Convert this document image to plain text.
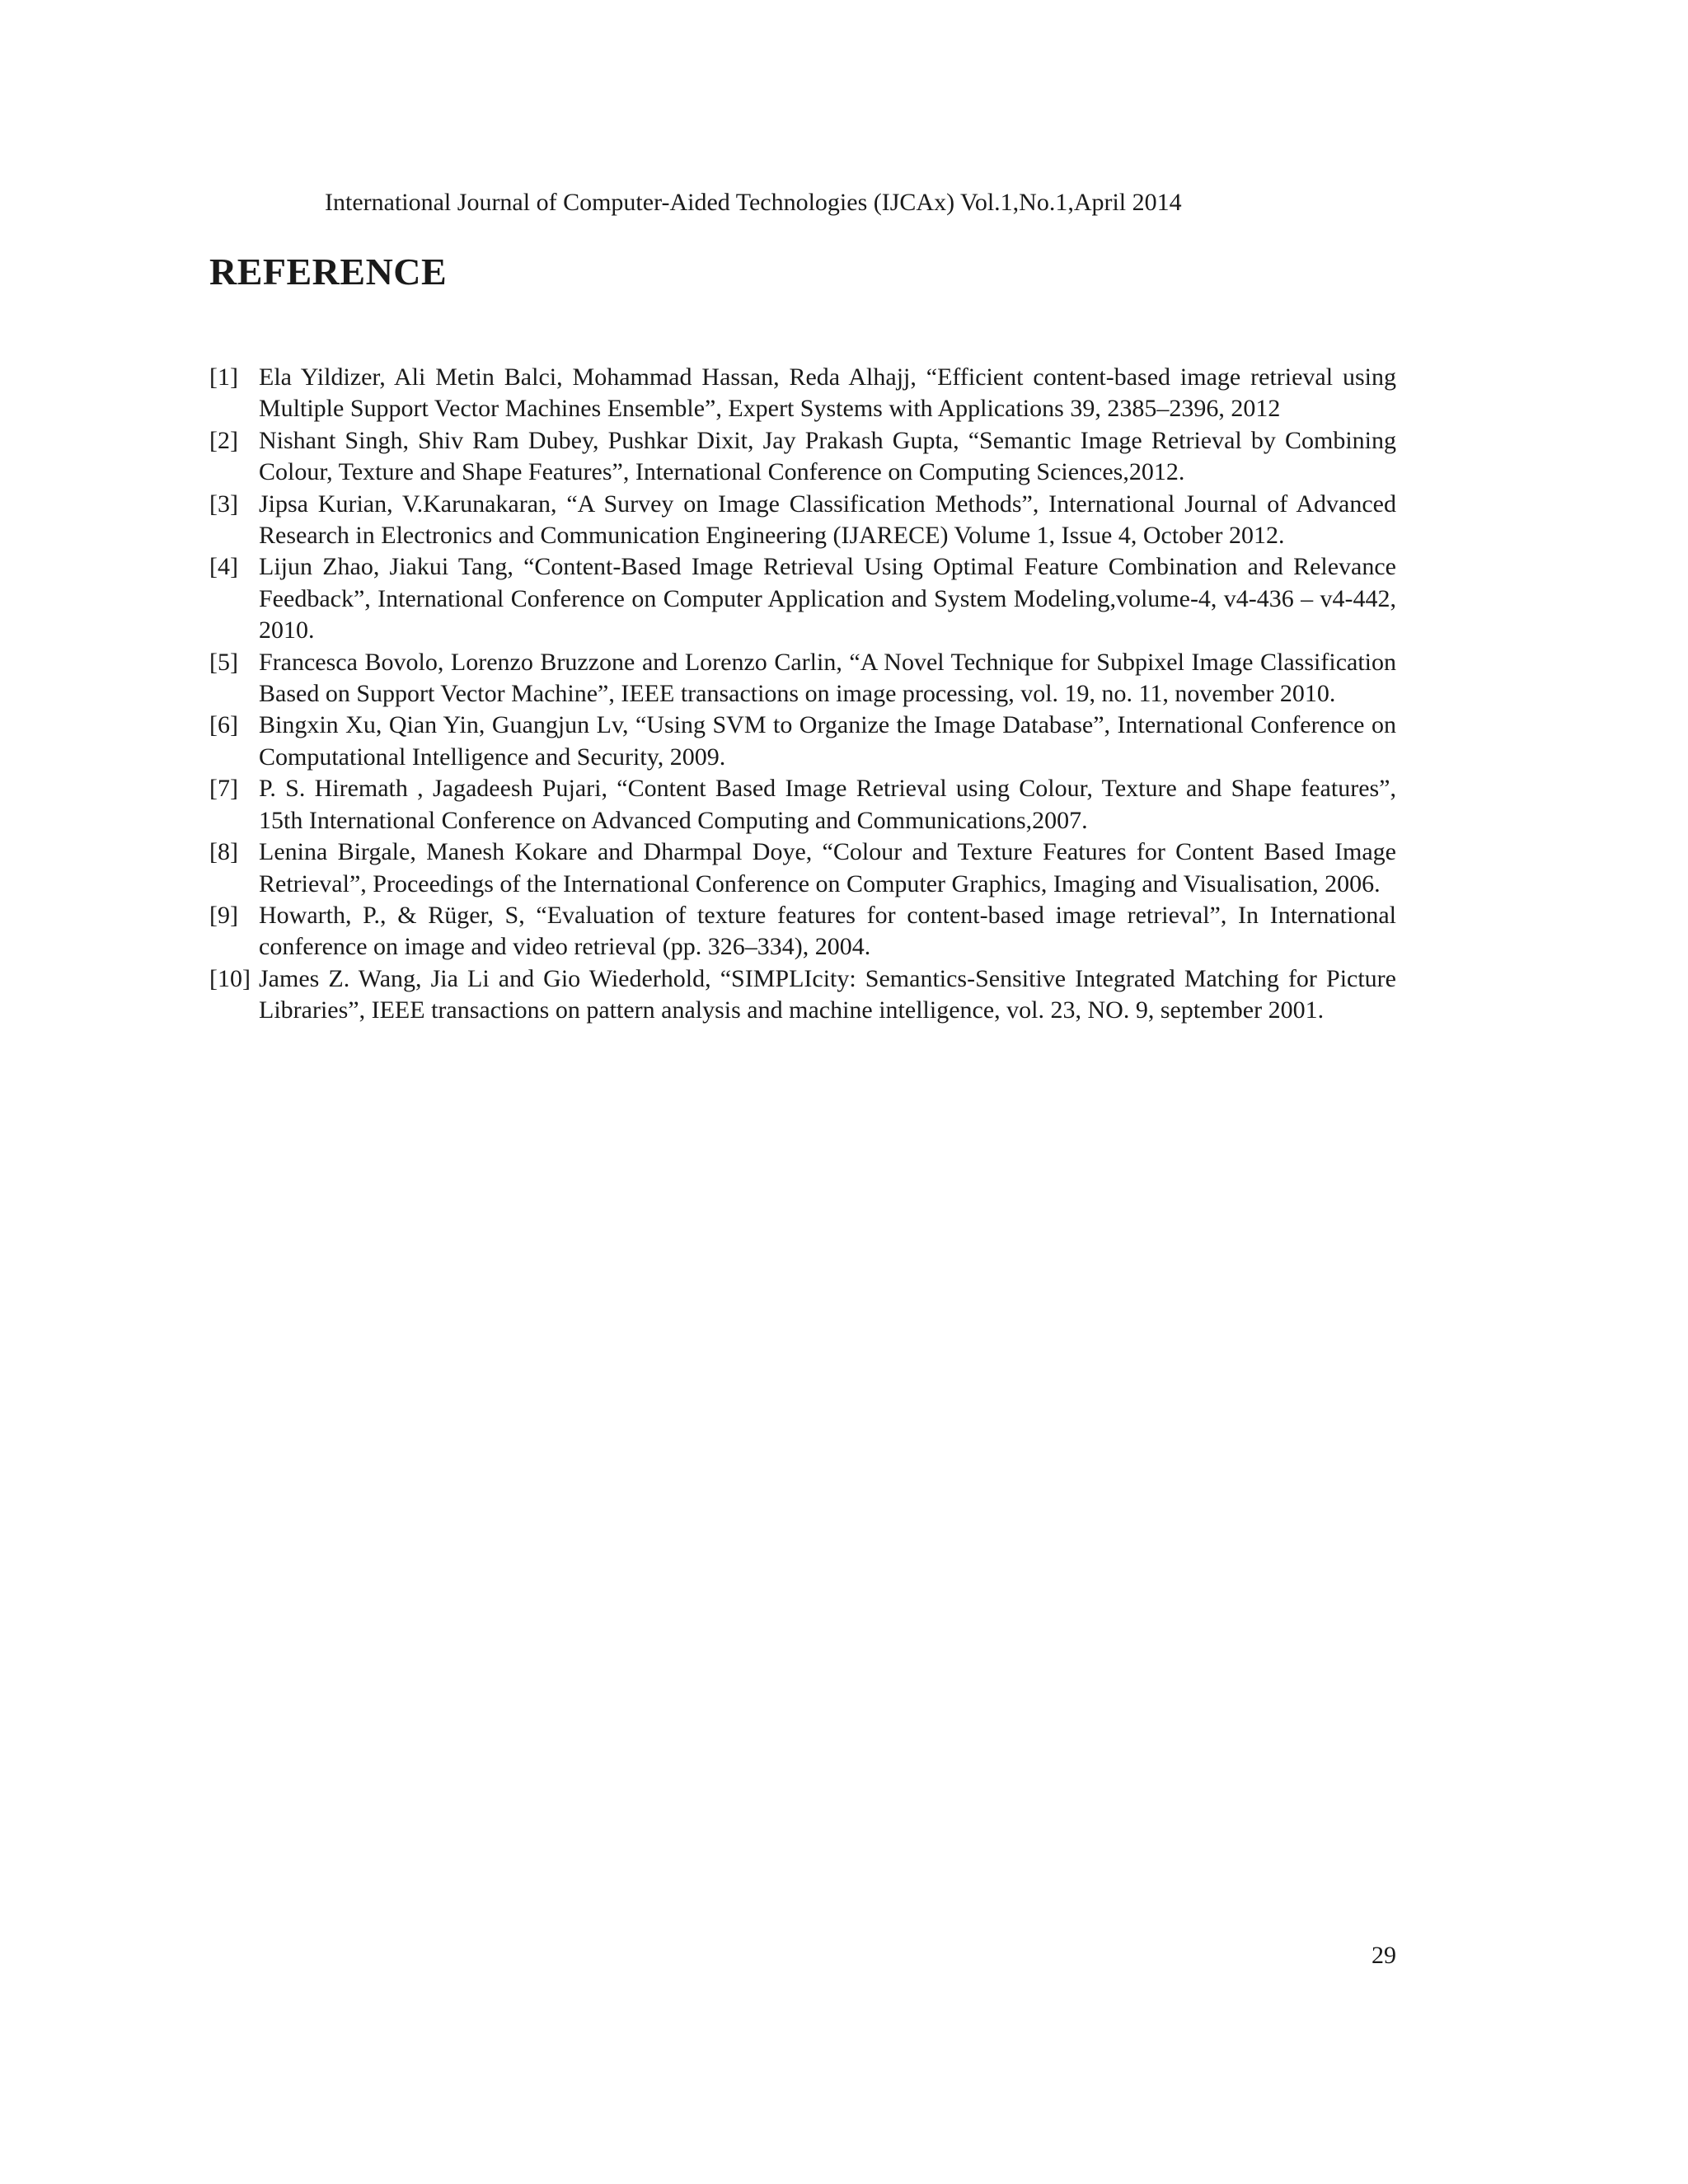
International Journal of Computer-Aided Technologies (IJCAx) Vol.1,No.1,April 2014
REFERENCE
[1] Ela Yildizer, Ali Metin Balci, Mohammad Hassan, Reda Alhajj, “Efficient content-based image retrieval using Multiple Support Vector Machines Ensemble”, Expert Systems with Applications 39, 2385–2396, 2012
[2] Nishant Singh, Shiv Ram Dubey, Pushkar Dixit, Jay Prakash Gupta, “Semantic Image Retrieval by Combining Colour, Texture and Shape Features”, International Conference on Computing Sciences,2012.
[3] Jipsa Kurian, V.Karunakaran, “A Survey on Image Classification Methods”, International Journal of Advanced Research in Electronics and Communication Engineering (IJARECE) Volume 1, Issue 4, October 2012.
[4] Lijun Zhao, Jiakui Tang, “Content-Based Image Retrieval Using Optimal Feature Combination and Relevance Feedback”, International Conference on Computer Application and System Modeling,volume-4, v4-436 – v4-442, 2010.
[5] Francesca Bovolo, Lorenzo Bruzzone and Lorenzo Carlin, “A Novel Technique for Subpixel Image Classification Based on Support Vector Machine”, IEEE transactions on image processing, vol. 19, no. 11, november 2010.
[6] Bingxin Xu, Qian Yin, Guangjun Lv, “Using SVM to Organize the Image Database”, International Conference on Computational Intelligence and Security, 2009.
[7] P. S. Hiremath , Jagadeesh Pujari, “Content Based Image Retrieval using Colour, Texture and Shape features”, 15th International Conference on Advanced Computing and Communications,2007.
[8] Lenina Birgale, Manesh Kokare and Dharmpal Doye, “Colour and Texture Features for Content Based Image Retrieval”, Proceedings of the International Conference on Computer Graphics, Imaging and Visualisation, 2006.
[9] Howarth, P., & Rüger, S, “Evaluation of texture features for content-based image retrieval”, In International conference on image and video retrieval (pp. 326–334), 2004.
[10] James Z. Wang, Jia Li and Gio Wiederhold, “SIMPLIcity: Semantics-Sensitive Integrated Matching for Picture Libraries”, IEEE transactions on pattern analysis and machine intelligence, vol. 23, NO. 9, september 2001.
29
